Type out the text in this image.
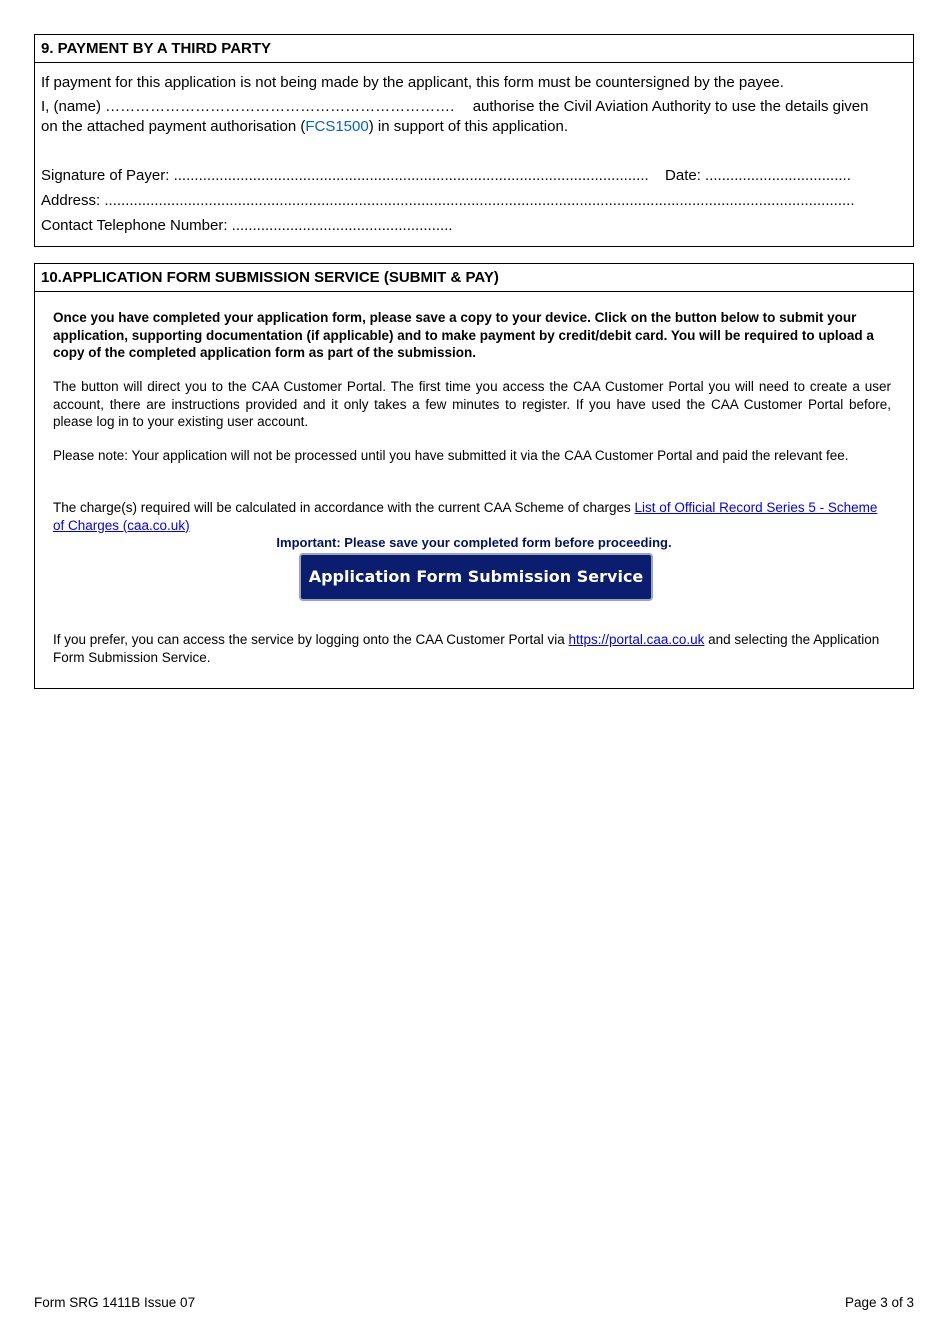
9. PAYMENT BY A THIRD PARTY
If payment for this application is not being made by the applicant, this form must be countersigned by the payee.
I, (name) ……………………………………………………………. authorise the Civil Aviation Authority to use the details given
on the attached payment authorisation (FCS1500) in support of this application.
Signature of Payer: .................................................................................................................. Date: ...................................
Address: ....................................................................................................................................................................................
Contact Telephone Number: .....................................................
10.APPLICATION FORM SUBMISSION SERVICE (SUBMIT & PAY)
Once you have completed your application form, please save a copy to your device. Click on the button below to submit your application, supporting documentation (if applicable) and to make payment by credit/debit card. You will be required to upload a copy of the completed application form as part of the submission.
The button will direct you to the CAA Customer Portal. The first time you access the CAA Customer Portal you will need to create a user account, there are instructions provided and it only takes a few minutes to register. If you have used the CAA Customer Portal before, please log in to your existing user account.
Please note: Your application will not be processed until you have submitted it via the CAA Customer Portal and paid the relevant fee.
The charge(s) required will be calculated in accordance with the current CAA Scheme of charges List of Official Record Series 5 - Scheme of Charges (caa.co.uk)
Important: Please save your completed form before proceeding.
Application Form Submission Service
If you prefer, you can access the service by logging onto the CAA Customer Portal via https://portal.caa.co.uk and selecting the Application Form Submission Service.
Form SRG 1411B Issue 07	Page 3 of 3
